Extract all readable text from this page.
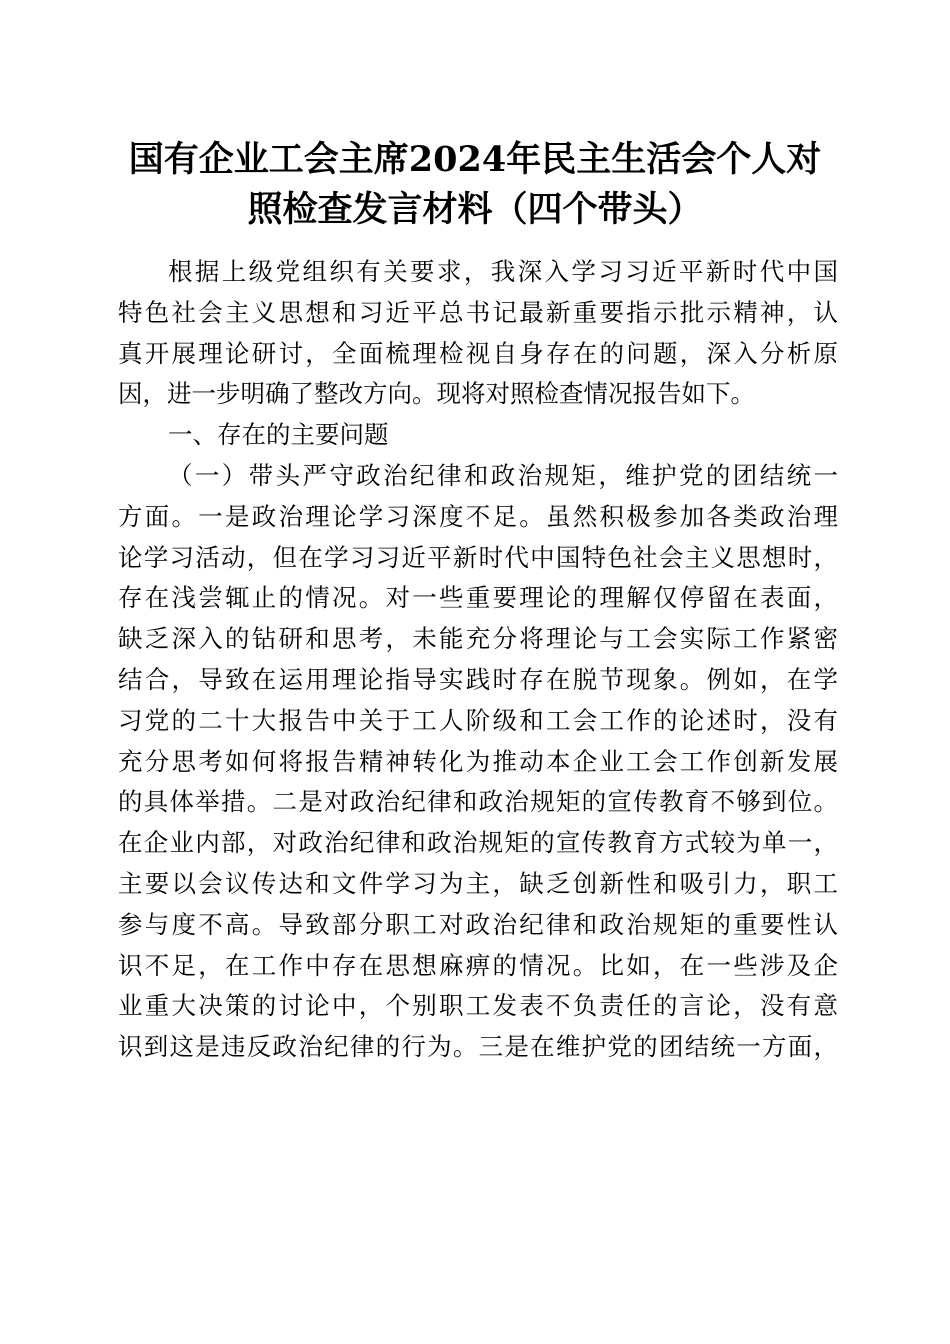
国有企业工会主席2024年民主生活会个人对
照检查发言材料（四个带头）
根据上级党组织有关要求，我深入学习习近平新时代中国
特色社会主义思想和习近平总书记最新重要指示批示精神，认
真开展理论研讨，全面梳理检视自身存在的问题，深入分析原
因，进一步明确了整改方向。现将对照检查情况报告如下。
一、存在的主要问题
（一）带头严守政治纪律和政治规矩，维护党的团结统一
方面。一是政治理论学习深度不足。虽然积极参加各类政治理
论学习活动，但在学习习近平新时代中国特色社会主义思想时，
存在浅尝辄止的情况。对一些重要理论的理解仅停留在表面，
缺乏深入的钻研和思考，未能充分将理论与工会实际工作紧密
结合，导致在运用理论指导实践时存在脱节现象。例如，在学
习党的二十大报告中关于工人阶级和工会工作的论述时，没有
充分思考如何将报告精神转化为推动本企业工会工作创新发展
的具体举措。二是对政治纪律和政治规矩的宣传教育不够到位。
在企业内部，对政治纪律和政治规矩的宣传教育方式较为单一，
主要以会议传达和文件学习为主，缺乏创新性和吸引力，职工
参与度不高。导致部分职工对政治纪律和政治规矩的重要性认
识不足，在工作中存在思想麻痹的情况。比如，在一些涉及企
业重大决策的讨论中，个别职工发表不负责任的言论，没有意
识到这是违反政治纪律的行为。三是在维护党的团结统一方面，
